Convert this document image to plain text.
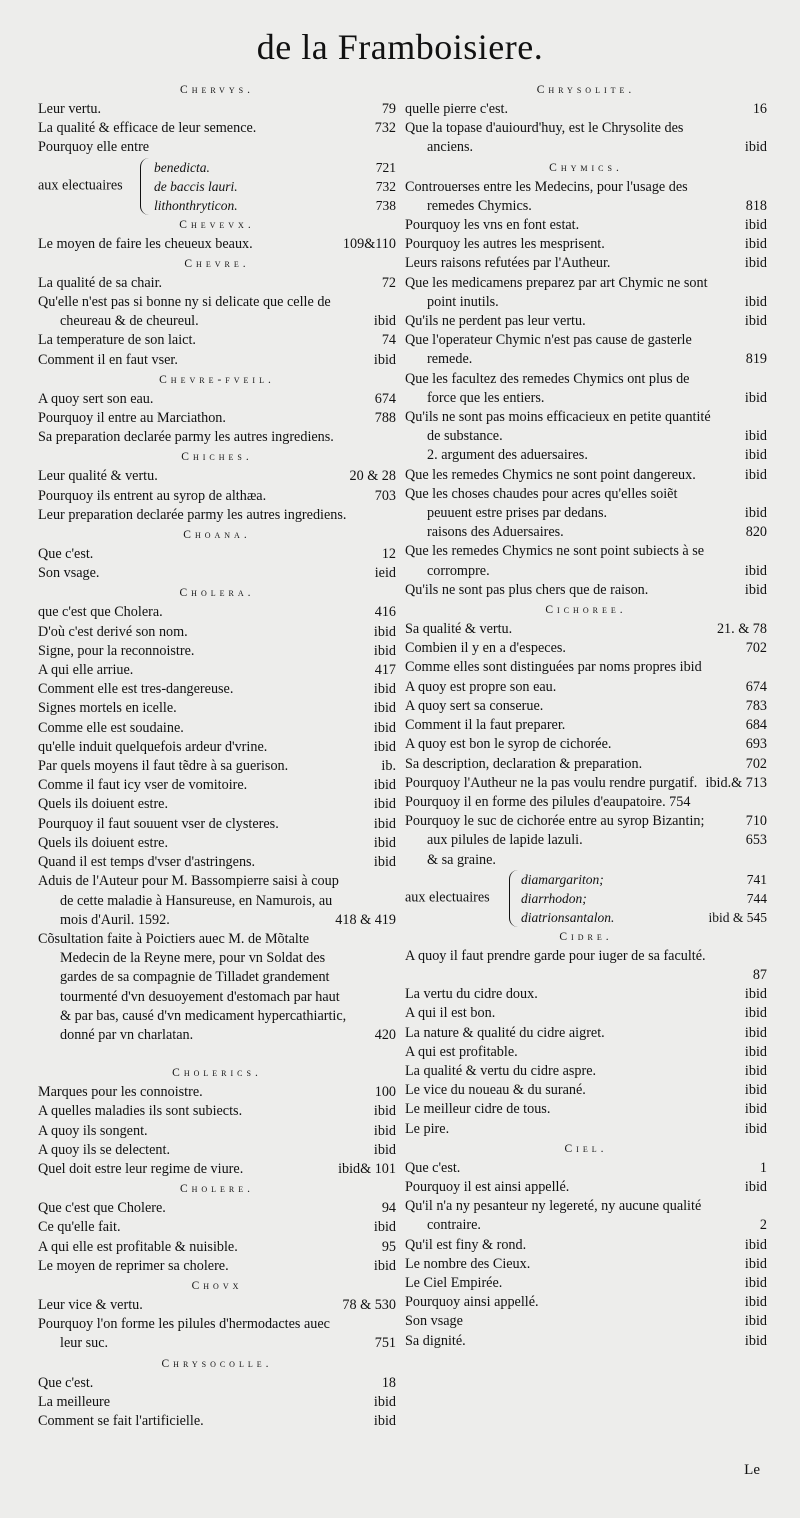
de la Framboisiere.
Chervys.
Leur vertu.	79
La qualité & efficace de leur semence.	732
Pourquoy elle entre
aux electuaires
benedicta.	721
de baccis lauri.	732
lithonthryticon.	738
Chevevx.
Le moyen de faire les cheueux beaux.	109&110
Chevre.
La qualité de sa chair.	72
Qu'elle n'est pas si bonne ny si delicate que celle de cheureau & de cheureul.	ibid
La temperature de son laict.	74
Comment il en faut vser.	ibid
Chevre-fveil.
A quoy sert son eau.	674
Pourquoy il entre au Marciathon.	788
Sa preparation declarée parmy les autres ingrediens.
Chiches.
Leur qualité & vertu.	20 & 28
Pourquoy ils entrent au syrop de althæa.	703
Leur preparation declarée parmy les autres ingrediens.
Choana.
Que c'est.	12
Son vsage.	ieid
Cholera.
que c'est que Cholera.	416
D'où c'est derivé son nom.	ibid
Signe, pour la reconnoistre.	ibid
A qui elle arriue.	417
Comment elle est tres-dangereuse.	ibid
Signes mortels en icelle.	ibid
Comme elle est soudaine.	ibid
qu'elle induit quelquefois ardeur d'vrine.	ibid
Par quels moyens il faut tẽdre à sa guerison.	ib.
Comme il faut icy vser de vomitoire.	ibid
Quels ils doiuent estre.	ibid
Pourquoy il faut souuent vser de clysteres.	ibid
Quels ils doiuent estre.	ibid
Quand il est temps d'vser d'astringens.	ibid
Aduis de l'Auteur pour M. Bassompierre saisi à coup de cette maladie à Hansureuse, en Namurois, au mois d'Auril. 1592.	418 & 419
Cõsultation faite à Poictiers auec M. de Mõtalte Medecin de la Reyne mere, pour vn Soldat des gardes de sa compagnie de Tilladet grandement tourmenté d'vn desuoyement d'estomach par haut & par bas, causé d'vn medicament hypercathiartic, donné par vn charlatan.	420
Cholerics.
Marques pour les connoistre.	100
A quelles maladies ils sont subiects.	ibid
A quoy ils songent.	ibid
A quoy ils se delectent.	ibid
Quel doit estre leur regime de viure.	ibid& 101
Cholere.
Que c'est que Cholere.	94
Ce qu'elle fait.	ibid
A qui elle est profitable & nuisible.	95
Le moyen de reprimer sa cholere.	ibid
Chovx
Leur vice & vertu.	78 & 530
Pourquoy l'on forme les pilules d'hermodactes auec leur suc.	751
Chrysocolle.
Que c'est.	18
La meilleure	ibid
Comment se fait l'artificielle.	ibid
Chrysolite.
quelle pierre c'est.	16
Que la topase d'auiourd'huy, est le Chrysolite des anciens.	ibid
Chymics.
Controuerses entre les Medecins, pour l'usage des remedes Chymics.	818
Pourquoy les vns en font estat.	ibid
Pourquoy les autres les mesprisent.	ibid
Leurs raisons refutées par l'Autheur.	ibid
Que les medicamens preparez par art Chymic ne sont point inutils.	ibid
Qu'ils ne perdent pas leur vertu.	ibid
Que l'operateur Chymic n'est pas cause de gasterle remede.	819
Que les facultez des remedes Chymics ont plus de force que les entiers.	ibid
Qu'ils ne sont pas moins efficacieux en petite quantité de substance.	ibid
2. argument des aduersaires.	ibid
Que les remedes Chymics ne sont point dangereux.	ibid
Que les choses chaudes pour acres qu'elles soiẽt peuuent estre prises par dedans.	ibid
raisons des Aduersaires.	820
Que les remedes Chymics ne sont point subiects à se corrompre.	ibid
Qu'ils ne sont pas plus chers que de raison.	ibid
Cichoree.
Sa qualité & vertu.	21. & 78
Combien il y en a d'especes.	702
Comme elles sont distinguées par noms propres ibid
A quoy est propre son eau.	674
A quoy sert sa conserue.	783
Comment il la faut preparer.	684
A quoy est bon le syrop de cichorée.	693
Sa description, declaration & preparation.	702
Pourquoy l'Autheur ne la pas voulu rendre purgatif. ibid.& 713
Pourquoy il en forme des pilules d'eaupatoire. 754
Pourquoy le suc de cichorée entre au syrop Bizantin;	710
aux pilules de lapide lazuli.	653
& sa graine.
aux electuaires
diamargariton;	741
diarrhodon;	744
diatrionsantalon.	ibid & 545
Cidre.
A quoy il faut prendre garde pour iuger de sa faculté.

87
La vertu du cidre doux.	ibid
A qui il est bon.	ibid
La nature & qualité du cidre aigret.	ibid
A qui est profitable.	ibid
La qualité & vertu du cidre aspre.	ibid
Le vice du noueau & du surané.	ibid
Le meilleur cidre de tous.	ibid
Le pire.	ibid
Ciel.
Que c'est.	1
Pourquoy il est ainsi appellé.	ibid
Qu'il n'a ny pesanteur ny legereté, ny aucune qualité contraire.	2
Qu'il est finy & rond.	ibid
Le nombre des Cieux.	ibid
Le Ciel Empirée.	ibid
Pourquoy ainsi appellé.	ibid
Son vsage	ibid
Sa dignité.	ibid
Le
